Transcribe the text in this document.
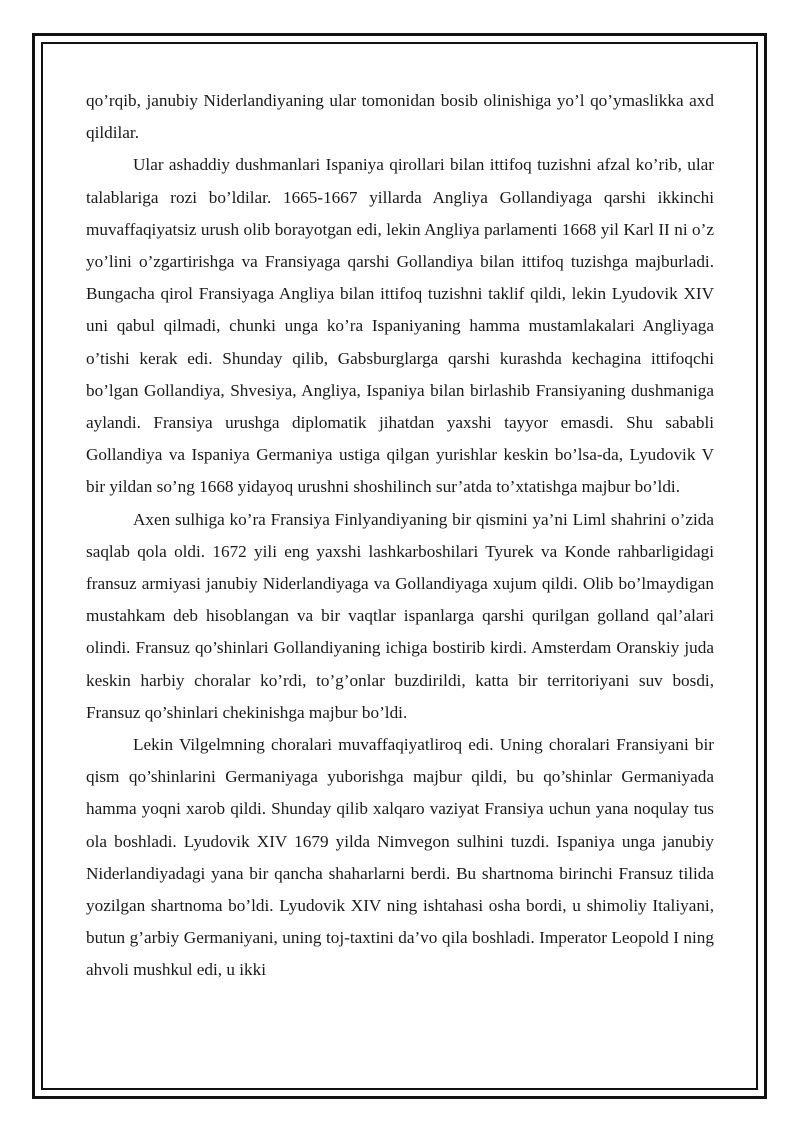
qo’rqib, janubiy Niderlandiyaning ular tomonidan bosib olinishiga yo’l qo’ymaslikka axd qildilar.

Ular ashaddiy dushmanlari Ispaniya qirollari bilan ittifoq tuzishni afzal ko’rib, ular talablariga rozi bo’ldilar. 1665-1667 yillarda Angliya Gollandiyaga qarshi ikkinchi muvaffaqiyatsiz urush olib borayotgan edi, lekin Angliya parlamenti 1668 yil Karl II ni o’z yo’lini o’zgartirishga va Fransiyaga qarshi Gollandiya bilan ittifoq tuzishga majburladi. Bungacha qirol Fransiyaga Angliya bilan ittifoq tuzishni taklif qildi, lekin Lyudovik XIV uni qabul qilmadi, chunki unga ko’ra Ispaniyaning hamma mustamlakalari Angliyaga o’tishi kerak edi. Shunday qilib, Gabsburglarga qarshi kurashda kechagina ittifoqchi bo’lgan Gollandiya, Shvesiya, Angliya, Ispaniya bilan birlashib Fransiyaning dushmaniga aylandi. Fransiya urushga diplomatik jihatdan yaxshi tayyor emasdi. Shu sababli Gollandiya va Ispaniya Germaniya ustiga qilgan yurishlar keskin bo’lsa-da, Lyudovik V bir yildan so’ng 1668 yidayoq urushni shoshilinch sur’atda to’xtatishga majbur bo’ldi.

Axen sulhiga ko’ra Fransiya Finlyandiyaning bir qismini ya’ni Liml shahrini o’zida saqlab qola oldi. 1672 yili eng yaxshi lashkarboshilari Tyurek va Konde rahbarligidagi fransuz armiyasi janubiy Niderlandiyaga va Gollandiyaga xujum qildi. Olib bo’lmaydigan mustahkam deb hisoblangan va bir vaqtlar ispanlarga qarshi qurilgan golland qal’alari olindi. Fransuz qo’shinlari Gollandiyaning ichiga bostirib kirdi. Amsterdam Oranskiy juda keskin harbiy choralar ko’rdi, to’g’onlar buzdirildi, katta bir territoriyani suv bosdi, Fransuz qo’shinlari chekinishga majbur bo’ldi.

Lekin Vilgelmning choralari muvaffaqiyatliroq edi. Uning choralari Fransiyani bir qism qo’shinlarini Germaniyaga yuborishga majbur qildi, bu qo’shinlar Germaniyada hamma yoqni xarob qildi. Shunday qilib xalqaro vaziyat Fransiya uchun yana noqulay tus ola boshladi. Lyudovik XIV 1679 yilda Nimvegon sulhini tuzdi. Ispaniya unga janubiy Niderlandiyadagi yana bir qancha shaharlarni berdi. Bu shartnoma birinchi Fransuz tilida yozilgan shartnoma bo’ldi. Lyudovik XIV ning ishtahasi osha bordi, u shimoliy Italiyani, butun g’arbiy Germaniyani, uning toj-taxtini da’vo qila boshladi. Imperator Leopold I ning ahvoli mushkul edi, u ikki
